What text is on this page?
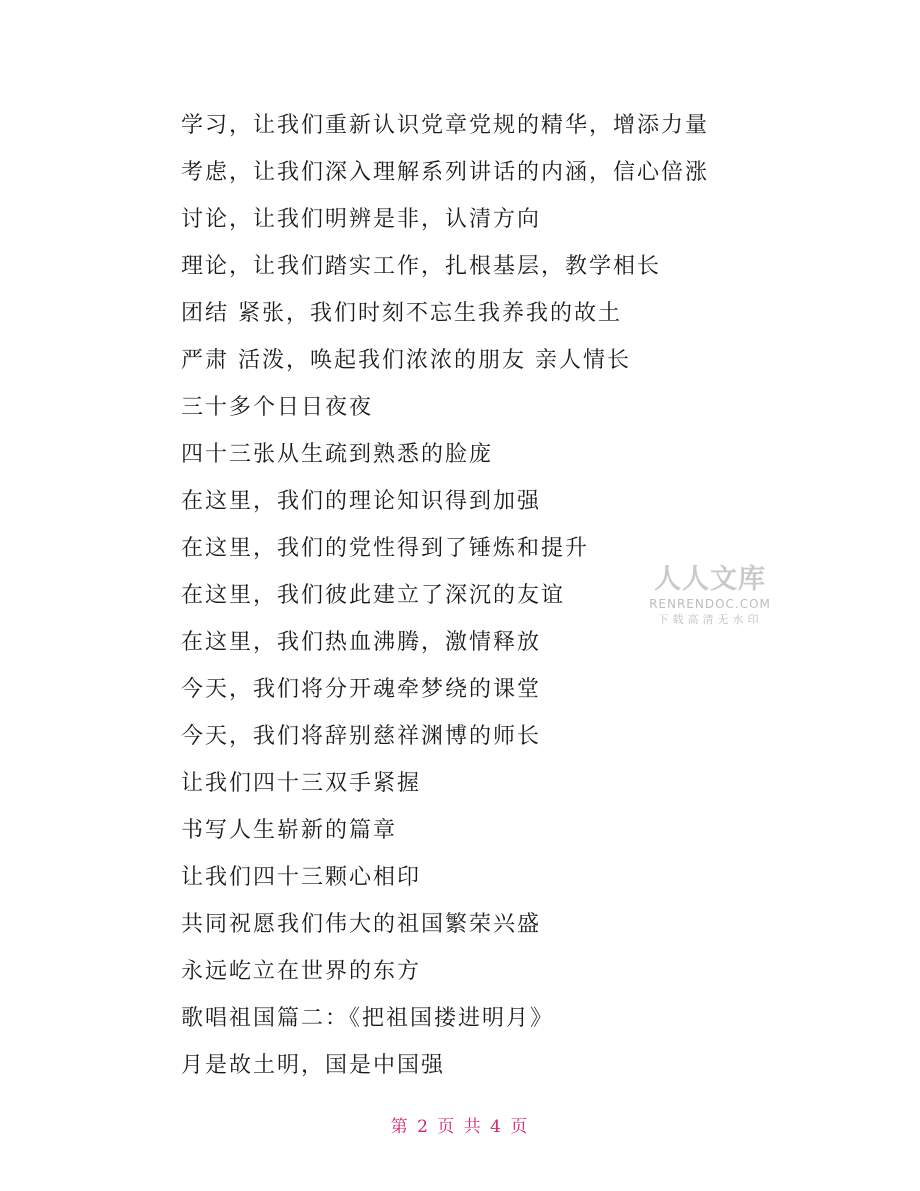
学习，让我们重新认识党章党规的精华，增添力量
考虑，让我们深入理解系列讲话的内涵，信心倍涨
讨论，让我们明辨是非，认清方向
理论，让我们踏实工作，扎根基层，教学相长
团结 紧张，我们时刻不忘生我养我的故土
严肃 活泼，唤起我们浓浓的朋友 亲人情长
三十多个日日夜夜
四十三张从生疏到熟悉的脸庞
在这里，我们的理论知识得到加强
在这里，我们的党性得到了锤炼和提升
在这里，我们彼此建立了深沉的友谊
在这里，我们热血沸腾，激情释放
今天，我们将分开魂牵梦绕的课堂
今天，我们将辞别慈祥渊博的师长
让我们四十三双手紧握
书写人生崭新的篇章
让我们四十三颗心相印
共同祝愿我们伟大的祖国繁荣兴盛
永远屹立在世界的东方
歌唱祖国篇二：《把祖国搂进明月》
月是故土明，国是中国强
人人文库
RENRENDOC.COM
下载高清无水印
第 2 页 共 4 页
